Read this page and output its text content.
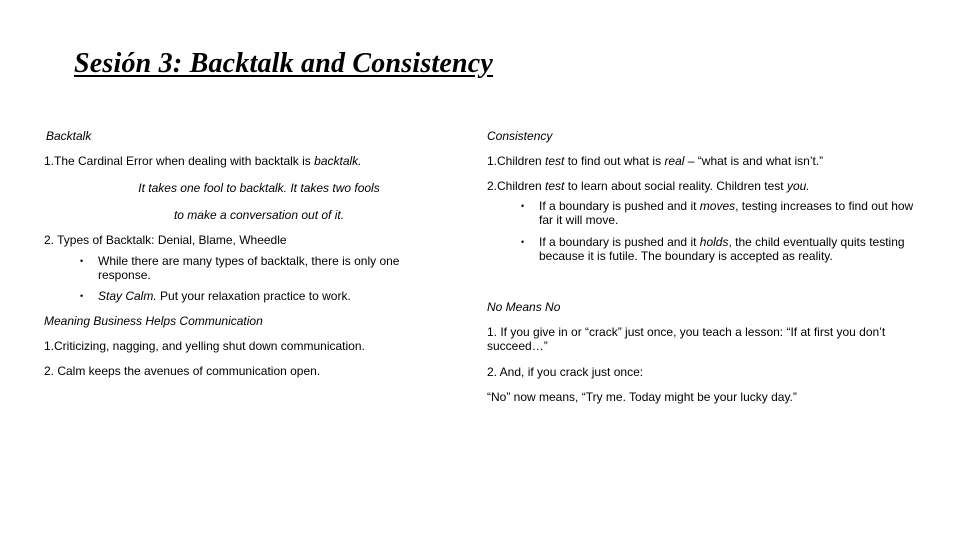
Sesión 3: Backtalk and Consistency
Backtalk
1.The Cardinal Error when dealing with backtalk is backtalk.
It takes one fool to backtalk. It takes two fools
to make a conversation out of it.
2. Types of Backtalk: Denial, Blame, Wheedle
• While there are many types of backtalk, there is only one response.
• Stay Calm. Put your relaxation practice to work.
Meaning Business Helps Communication
1.Criticizing, nagging, and yelling shut down communication.
2. Calm keeps the avenues of communication open.
Consistency
1.Children test to find out what is real – “what is and what isn’t.”
2.Children test to learn about social reality. Children test you.
• If a boundary is pushed and it moves, testing increases to find out how far it will move.
• If a boundary is pushed and it holds, the child eventually quits testing because it is futile. The boundary is accepted as reality.
No Means No
1. If you give in or “crack” just once, you teach a lesson: “If at first you don’t succeed…”
2. And, if you crack just once:
“No” now means, “Try me. Today might be your lucky day.”
